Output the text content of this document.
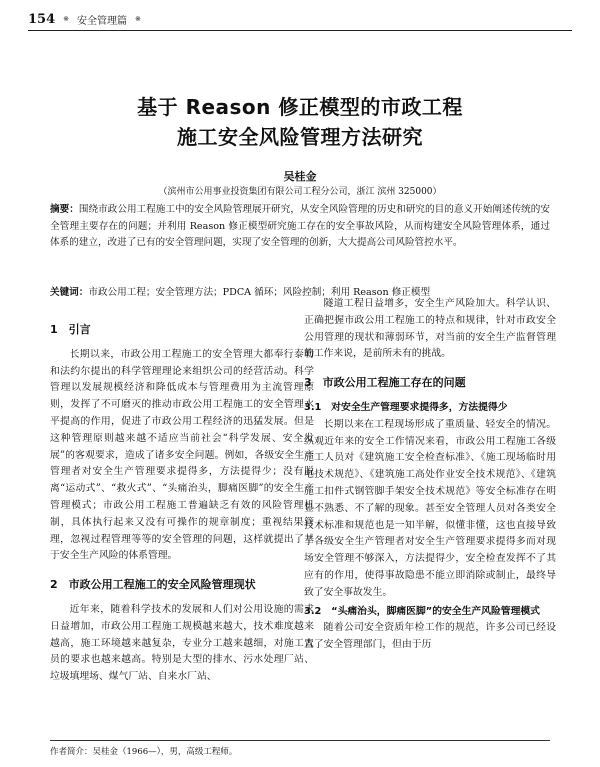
154 ※ 安全管理篇 ※
基于 Reason 修正模型的市政工程
施工安全风险管理方法研究
吴桂金
（滨州市公用事业投资集团有限公司工程分公司，浙江 滨州 325000）
摘要：围绕市政公用工程施工中的安全风险管理展开研究，从安全风险管理的历史和研究的目的意义开始阐述传统的安全管理主要存在的问题；并利用 Reason 修正模型研究施工存在的安全事故风险，从而构建安全风险管理体系，通过体系的建立，改进了已有的安全管理问题，实现了安全管理的创新，大大提高公司风险管控水平。
关键词：市政公用工程；安全管理方法；PDCA 循环；风险控制；利用 Reason 修正模型
1　引言

长期以来，市政公用工程施工的安全管理大都奉行泰勒和法约尔提出的科学管理理论来组织公司的经营活动。科学管理以发展规模经济和降低成本与管理费用为主流管理原则，发挥了不可磨灭的推动市政公用工程施工的安全管理水平提高的作用，促进了市政公用工程经济的迅猛发展。但是这种管理原则越来越不适应当前社会“科学发展、安全发展”的客观要求，造成了诸多安全问题。例如，各级安全生产管理者对安全生产管理要求提得多，方法提得少；没有脱离“运动式”、“救火式”、“头痛治头，脚痛医脚”的安全生产管理模式；市政公用工程施工普遍缺乏有效的风险管理机制，具体执行起来又没有可操作的规章制度；重视结果管理，忽视过程管理等等的安全管理的问题，这样就提出了基于安全生产风险的体系管理。

2　市政公用工程施工的安全风险管理现状

近年来，随着科学技术的发展和人们对公用设施的需求日益增加，市政公用工程施工规模越来越大，技术难度越来越高，施工环境越来越复杂，专业分工越来越细，对施工人员的要求也越来越高。特别是大型的排水、污水处理厂站、垃圾填埋场、煤气厂站、自来水厂站、

隧道工程日益增多，安全生产风险加大。科学认识、正确把握市政公用工程施工的特点和规律，针对市政安全公用管理的现状和薄弱环节，对当前的安全生产监督管理的工作来说，是前所未有的挑战。

3　市政公用工程施工存在的问题
3.1　对安全生产管理要求提得多，方法提得少

长期以来在工程现场形成了重质量、轻安全的情况。纵观近年来的安全工作情况来看，市政公用工程施工各级施工人员对《建筑施工安全检查标准》、《施工现场临时用电技术规范》、《建筑施工高处作业安全技术规范》、《建筑施工扣件式钢管脚手架安全技术规范》等安全标准存在明显不熟悉、不了解的现象。甚至安全管理人员对各类安全技术标准和规范也是一知半解，似懂非懂，这也直接导致了各级安全生产管理者对安全生产管理要求提得多而对现场安全管理不够深入，方法提得少，安全检查发挥不了其应有的作用，使得事故隐患不能立即消除或制止，最终导致了安全事故发生。

3.2　“头痛治头，脚痛医脚”的安全生产风险管理模式

随着公司安全资质年检工作的规范，许多公司已经设置了安全管理部门，但由于历

作者简介：吴桂金（1966—），男，高级工程师。
